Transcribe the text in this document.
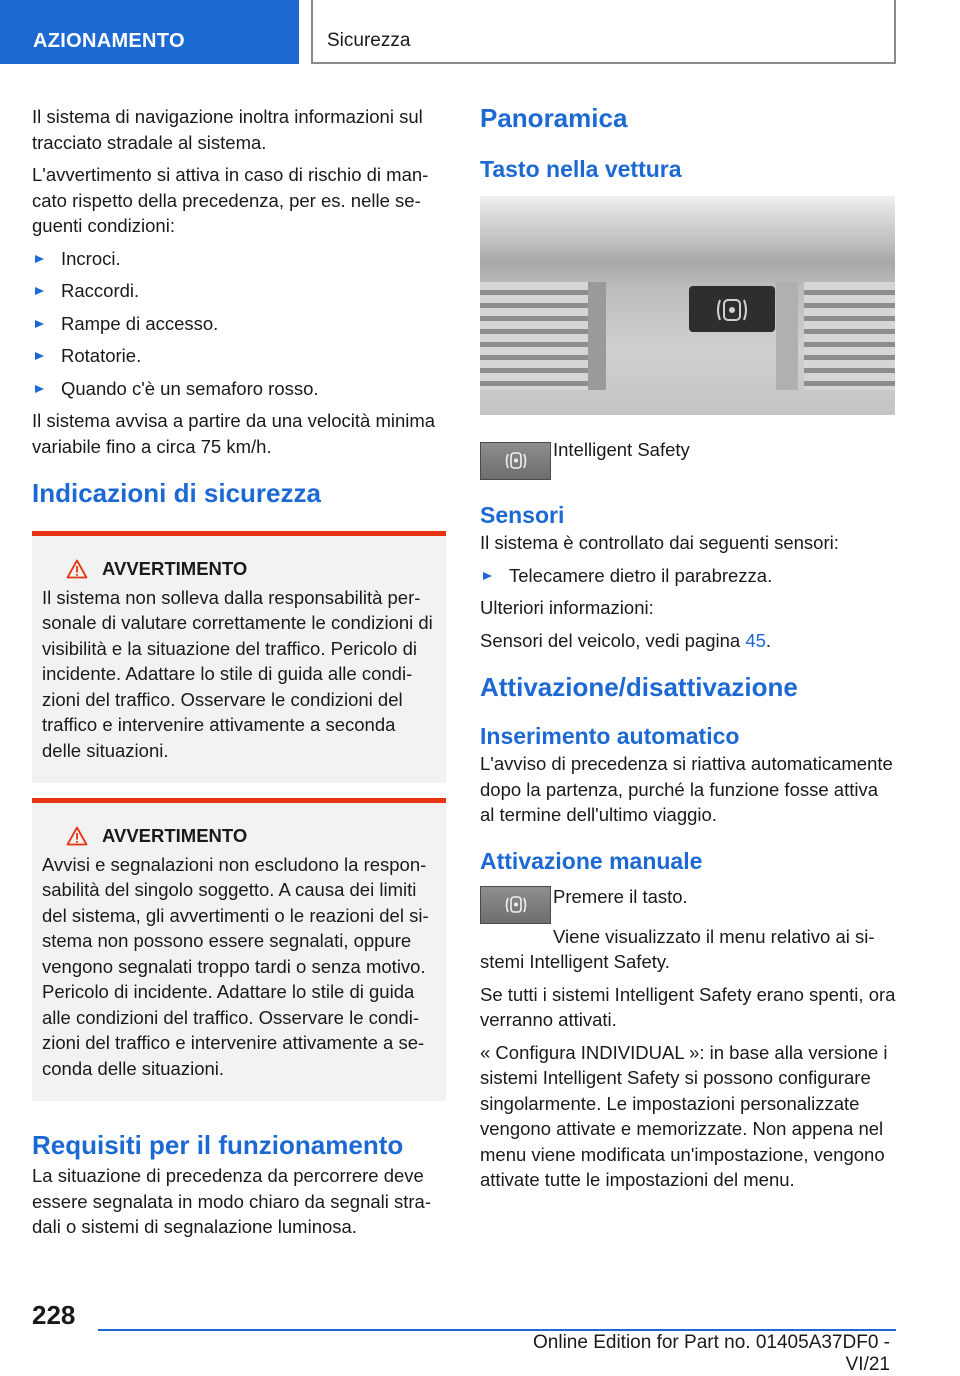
AZIONAMENTO	Sicurezza

Il sistema di navigazione inoltra informazioni sul tracciato stradale al sistema.

L'avvertimento si attiva in caso di rischio di mancato rispetto della precedenza, per es. nelle seguenti condizioni:

Incroci.
Raccordi.
Rampe di accesso.
Rotatorie.
Quando c'è un semaforo rosso.

Il sistema avvisa a partire da una velocità minima variabile fino a circa 75 km/h.

Indicazioni di sicurezza
AVVERTIMENTO
Il sistema non solleva dalla responsabilità personale di valutare correttamente le condizioni di visibilità e la situazione del traffico. Pericolo di incidente. Adattare lo stile di guida alle condizioni del traffico. Osservare le condizioni del traffico e intervenire attivamente a seconda delle situazioni.
AVVERTIMENTO
Avvisi e segnalazioni non escludono la responsabilità del singolo soggetto. A causa dei limiti del sistema, gli avvertimenti o le reazioni del sistema non possono essere segnalati, oppure vengono segnalati troppo tardi o senza motivo. Pericolo di incidente. Adattare lo stile di guida alle condizioni del traffico. Osservare le condizioni del traffico e intervenire attivamente a seconda delle situazioni.
Requisiti per il funzionamento

La situazione di precedenza da percorrere deve essere segnalata in modo chiaro da segnali stradali o sistemi di segnalazione luminosa.

Panoramica
Tasto nella vettura
Intelligent Safety
Sensori

Il sistema è controllato dai seguenti sensori:

Telecamere dietro il parabrezza.

Ulteriori informazioni:

Sensori del veicolo, vedi pagina 45.

Attivazione/disattivazione
Inserimento automatico

L'avviso di precedenza si riattiva automaticamente dopo la partenza, purché la funzione fosse attiva al termine dell'ultimo viaggio.

Attivazione manuale
Premere il tasto.

Viene visualizzato il menu relativo ai sistemi Intelligent Safety.

Se tutti i sistemi Intelligent Safety erano spenti, ora verranno attivati.

« Configura INDIVIDUAL »: in base alla versione i sistemi Intelligent Safety si possono configurare singolarmente. Le impostazioni personalizzate vengono attivate e memorizzate. Non appena nel menu viene modificata un'impostazione, vengono attivate tutte le impostazioni del menu.

228
Online Edition for Part no. 01405A37DF0 - VI/21
